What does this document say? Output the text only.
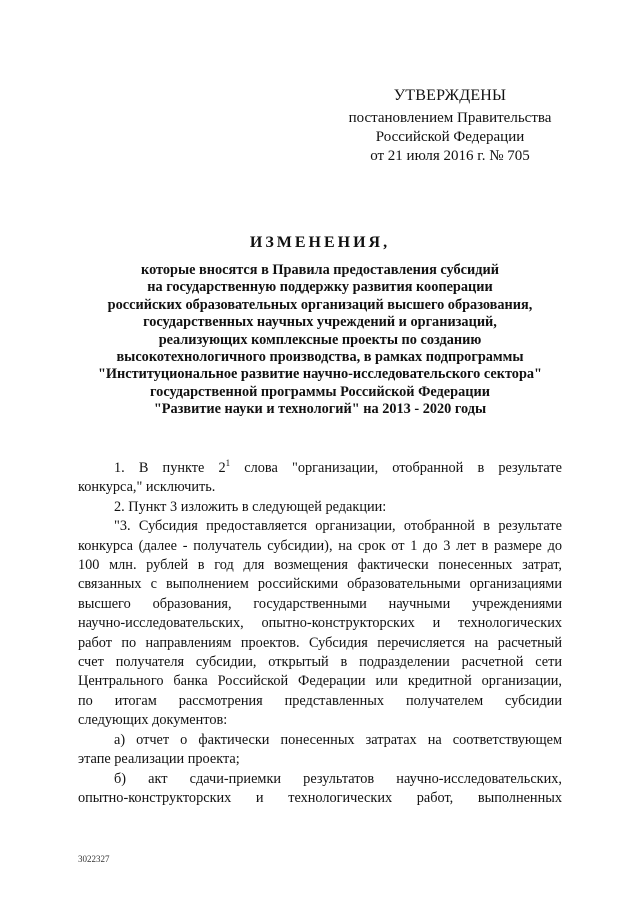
УТВЕРЖДЕНЫ
постановлением Правительства
Российской Федерации
от 21 июля 2016 г. № 705
ИЗМЕНЕНИЯ,
которые вносятся в Правила предоставления субсидий
на государственную поддержку развития кооперации
российских образовательных организаций высшего образования,
государственных научных учреждений и организаций,
реализующих комплексные проекты по созданию
высокотехнологичного производства, в рамках подпрограммы
"Институциональное развитие научно-исследовательского сектора"
государственной программы Российской Федерации
"Развитие науки и технологий" на 2013 - 2020 годы
1. В пункте $2^1$ слова "организации, отобранной в результате
конкурса," исключить.
2. Пункт 3 изложить в следующей редакции:
"3. Субсидия предоставляется организации, отобранной в результате
конкурса (далее - получатель субсидии), на срок от 1 до 3 лет в размере до
100 млн. рублей в год для возмещения фактически понесенных затрат,
связанных с выполнением российскими образовательными организациями
высшего образования, государственными научными учреждениями
научно-исследовательских, опытно-конструкторских и технологических
работ по направлениям проектов. Субсидия перечисляется на расчетный
счет получателя субсидии, открытый в подразделении расчетной сети
Центрального банка Российской Федерации или кредитной организации,
по итогам рассмотрения представленных получателем субсидии
следующих документов:
а) отчет о фактически понесенных затратах на соответствующем
этапе реализации проекта;
б) акт сдачи-приемки результатов научно-исследовательских,
опытно-конструкторских и технологических работ, выполненных
3022327
